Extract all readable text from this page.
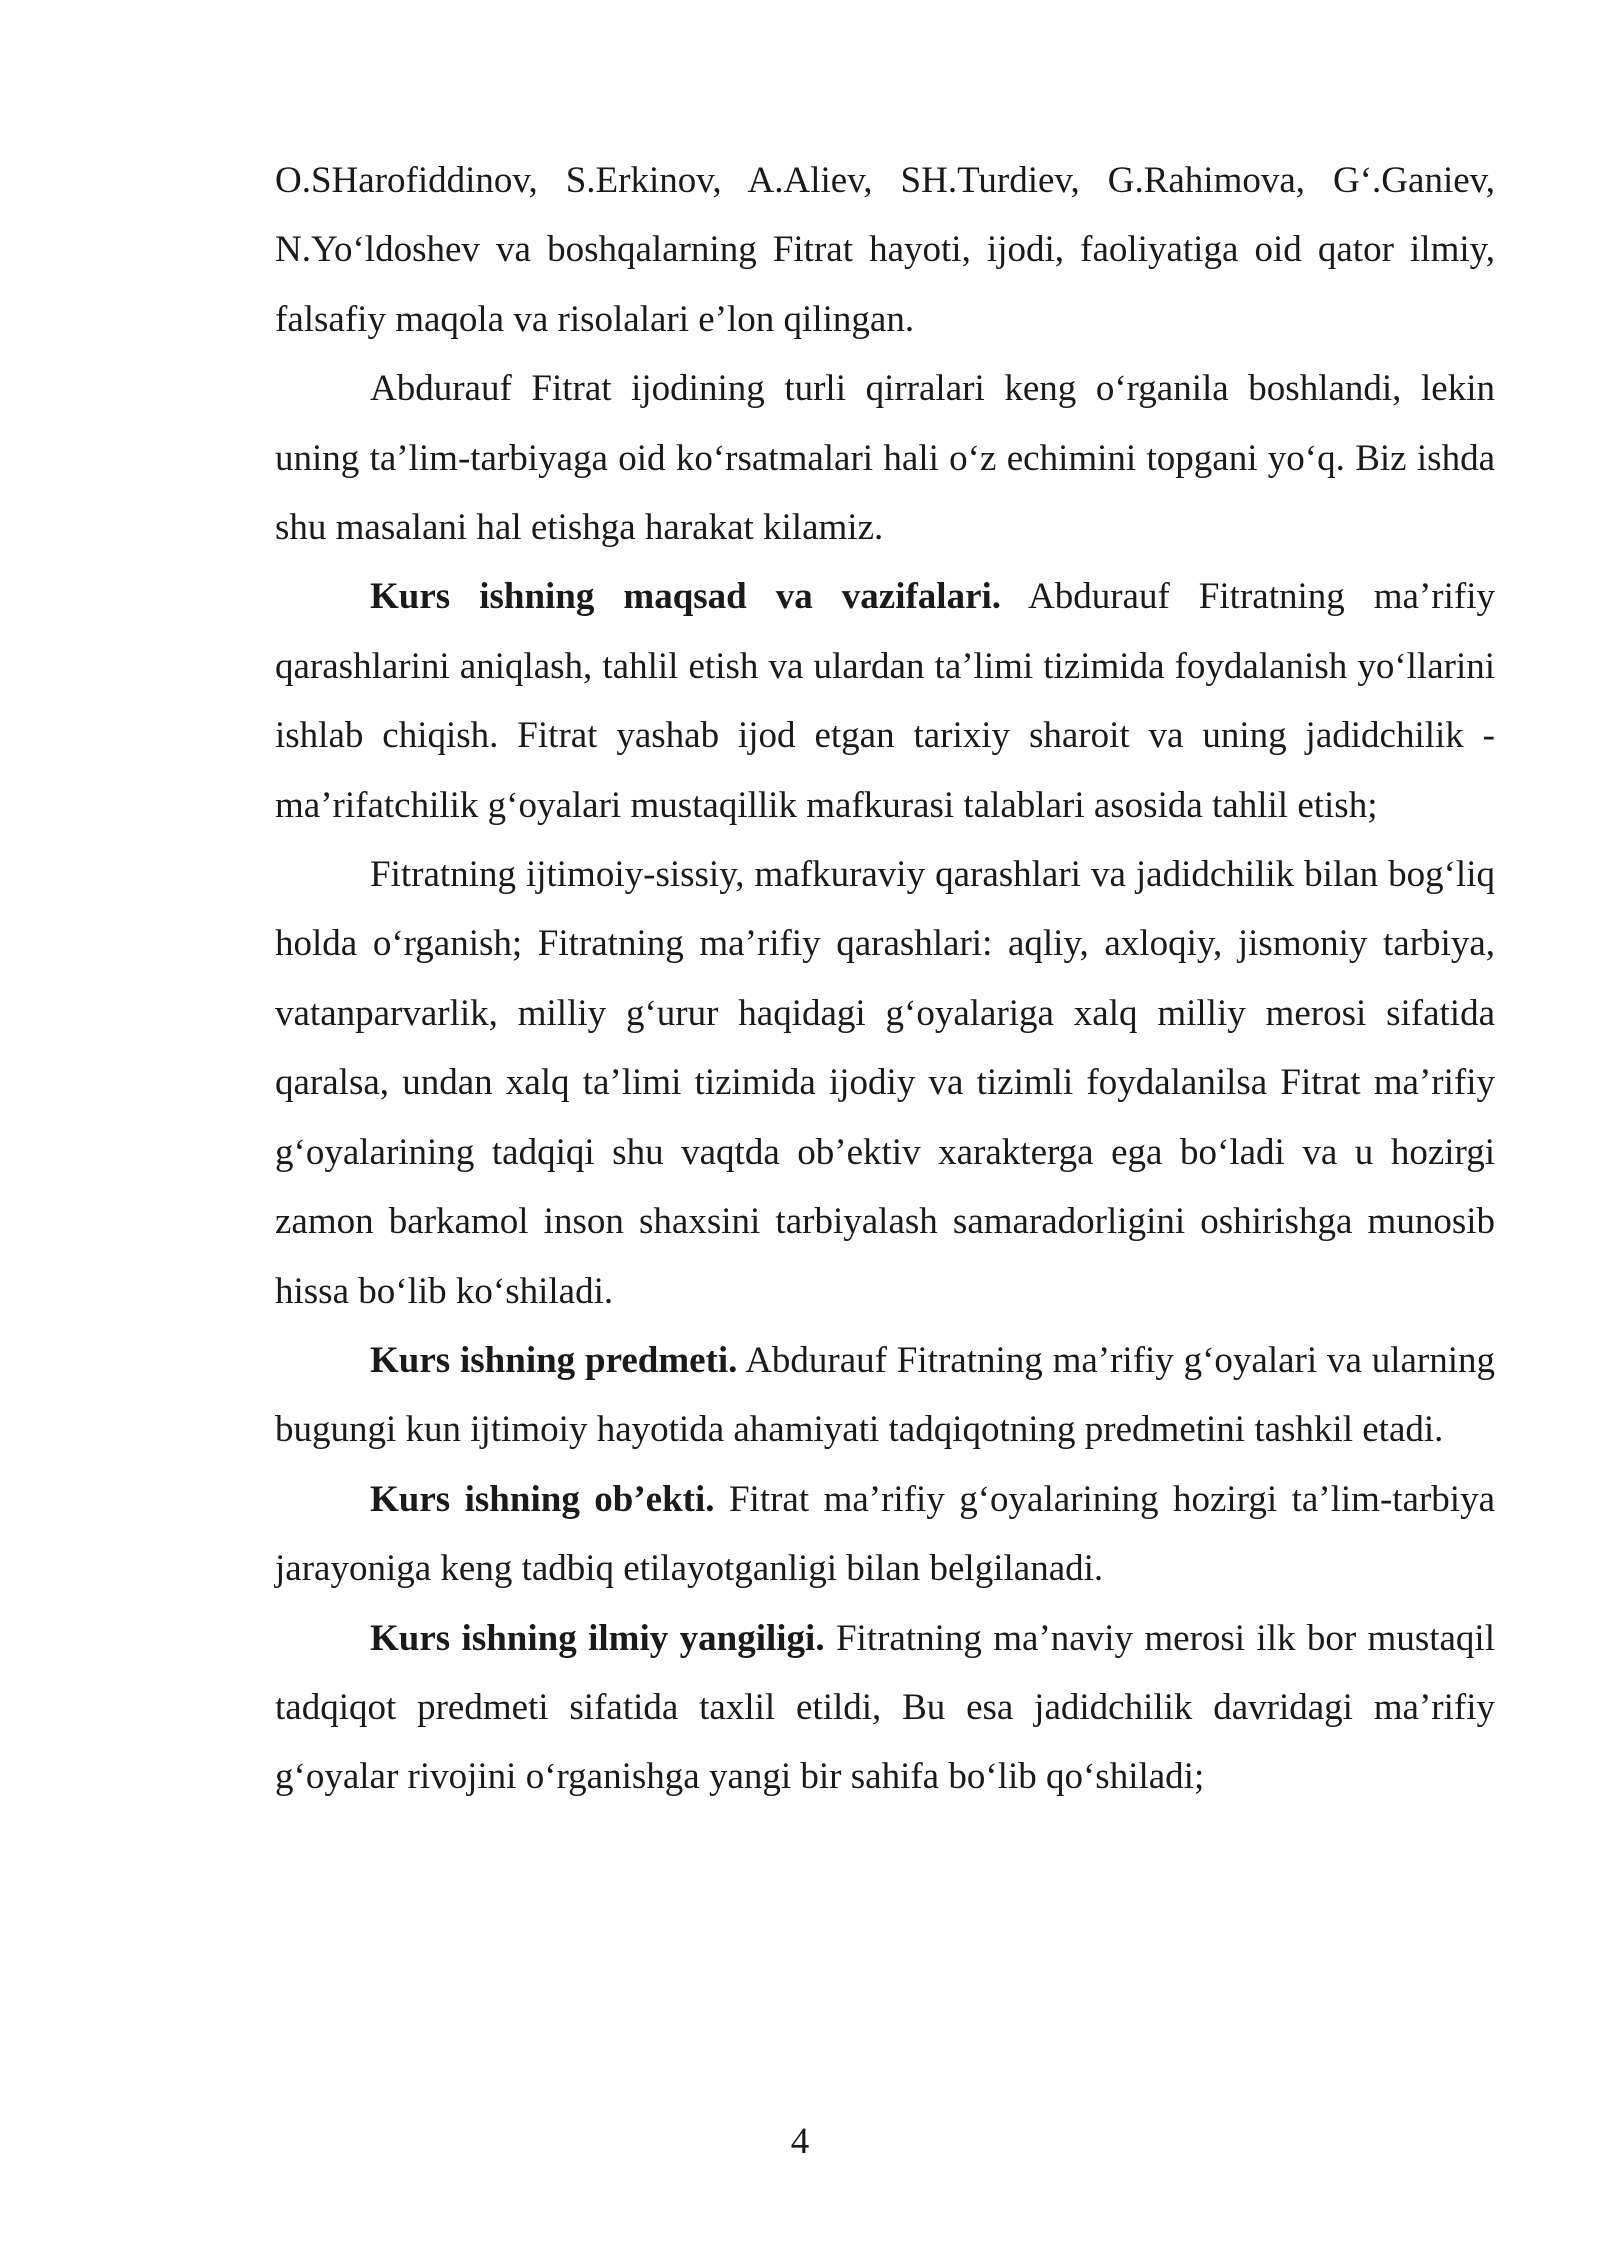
O.SHarofiddinov, S.Erkinov, A.Aliev, SH.Turdiev, G.Rahimova, G‘.Ganiev, N.Yo‘ldoshev va boshqalarning Fitrat hayoti, ijodi, faoliyatiga oid qator ilmiy, falsafiy maqola va risolalari e’lon qilingan.

Abdurauf Fitrat ijodining turli qirralari keng o‘rganila boshlandi, lekin uning ta’lim-tarbiyaga oid ko‘rsatmalari hali o‘z echimini topgani yo‘q. Biz ishda shu masalani hal etishga harakat kilamiz.

Kurs ishning maqsad va vazifalari. Abdurauf Fitratning ma’rifiy qarashlarini aniqlash, tahlil etish va ulardan ta’limi tizimida foydalanish yo‘llarini ishlab chiqish. Fitrat yashab ijod etgan tarixiy sharoit va uning jadidchilik - ma’rifatchilik g‘oyalari mustaqillik mafkurasi talablari asosida tahlil etish;

Fitratning ijtimoiy-sissiy, mafkuraviy qarashlari va jadidchilik bilan bog‘liq holda o‘rganish; Fitratning ma’rifiy qarashlari: aqliy, axloqiy, jismoniy tarbiya, vatanparvarlik, milliy g‘urur haqidagi g‘oyalariga xalq milliy merosi sifatida qaralsa, undan xalq ta’limi tizimida ijodiy va tizimli foydalanilsa Fitrat ma’rifiy g‘oyalarining tadqiqi shu vaqtda ob’ektiv xarakterga ega bo‘ladi va u hozirgi zamon barkamol inson shaxsini tarbiyalash samaradorligini oshirishga munosib hissa bo‘lib ko‘shiladi.

Kurs ishning predmeti. Abdurauf Fitratning ma’rifiy g‘oyalari va ularning bugungi kun ijtimoiy hayotida ahamiyati tadqiqotning predmetini tashkil etadi.

Kurs ishning ob’ekti. Fitrat ma’rifiy g‘oyalarining hozirgi ta’lim-tarbiya jarayoniga keng tadbiq etilayotganligi bilan belgilanadi.

Kurs ishning ilmiy yangiligi. Fitratning ma’naviy merosi ilk bor mustaqil tadqiqot predmeti sifatida taxlil etildi, Bu esa jadidchilik davridagi ma’rifiy g‘oyalar rivojini o‘rganishga yangi bir sahifa bo‘lib qo‘shiladi;

4
